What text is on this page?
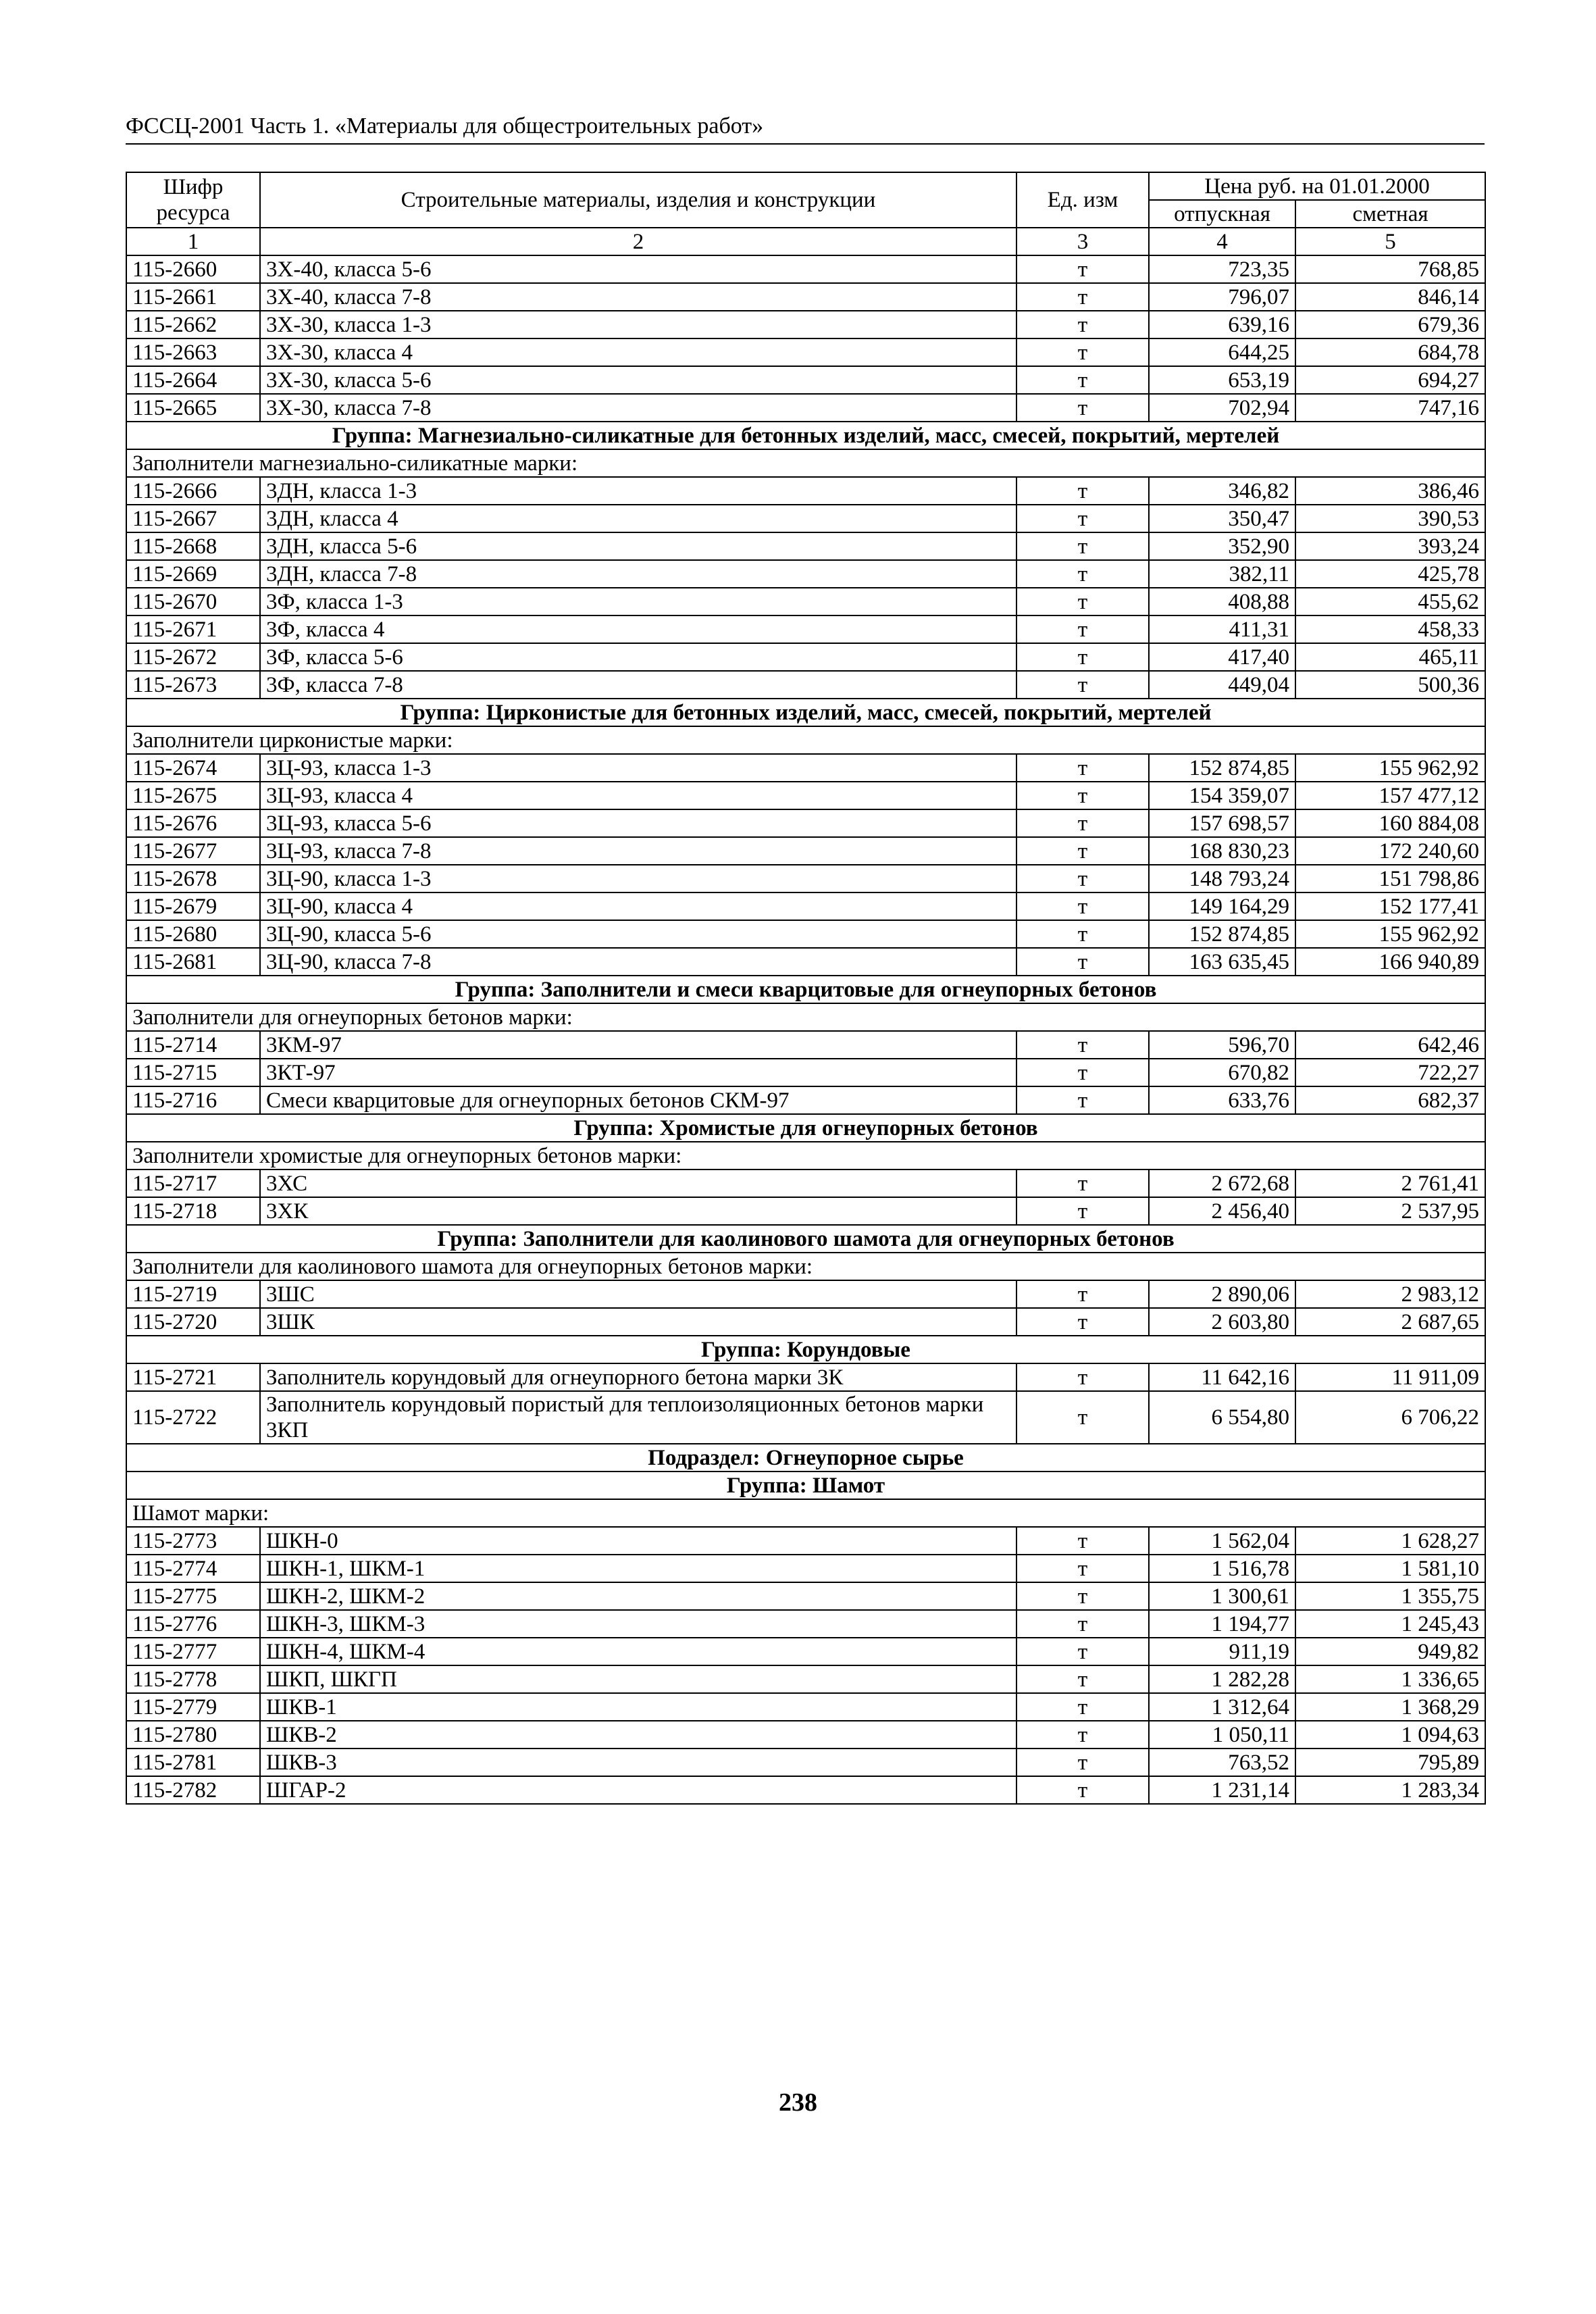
ФССЦ-2001 Часть 1. «Материалы для общестроительных работ»
Шифр ресурса	Строительные материалы, изделия и конструкции	Ед. изм	Цена руб. на 01.01.2000	
			отпускная	сметная
1	2	3	4	5
115-2660	3Х-40, класса 5-6	т	723,35	768,85
115-2661	3Х-40, класса 7-8	т	796,07	846,14
115-2662	3Х-30, класса 1-3	т	639,16	679,36
115-2663	3Х-30, класса 4	т	644,25	684,78
115-2664	3Х-30, класса 5-6	т	653,19	694,27
115-2665	3Х-30, класса 7-8	т	702,94	747,16
Группа: Магнезиально-силикатные для бетонных изделий, масс, смесей, покрытий, мертелей				
Заполнители магнезиально-силикатные марки:				
115-2666	3ДН, класса 1-3	т	346,82	386,46
115-2667	3ДН, класса 4	т	350,47	390,53
115-2668	3ДН, класса 5-6	т	352,90	393,24
115-2669	3ДН, класса 7-8	т	382,11	425,78
115-2670	3Ф, класса 1-3	т	408,88	455,62
115-2671	3Ф, класса 4	т	411,31	458,33
115-2672	3Ф, класса 5-6	т	417,40	465,11
115-2673	3Ф, класса 7-8	т	449,04	500,36
Группа: Цирконистые для бетонных изделий, масс, смесей, покрытий, мертелей				
Заполнители цирконистые марки:				
115-2674	3Ц-93, класса 1-3	т	152 874,85	155 962,92
115-2675	3Ц-93, класса 4	т	154 359,07	157 477,12
115-2676	3Ц-93, класса 5-6	т	157 698,57	160 884,08
115-2677	3Ц-93, класса 7-8	т	168 830,23	172 240,60
115-2678	3Ц-90, класса 1-3	т	148 793,24	151 798,86
115-2679	3Ц-90, класса 4	т	149 164,29	152 177,41
115-2680	3Ц-90, класса 5-6	т	152 874,85	155 962,92
115-2681	3Ц-90, класса 7-8	т	163 635,45	166 940,89
Группа: Заполнители и смеси кварцитовые для огнеупорных бетонов				
Заполнители для огнеупорных бетонов марки:				
115-2714	3КМ-97	т	596,70	642,46
115-2715	3КТ-97	т	670,82	722,27
115-2716	Смеси кварцитовые для огнеупорных бетонов СКМ-97	т	633,76	682,37
Группа: Хромистые для огнеупорных бетонов				
Заполнители хромистые для огнеупорных бетонов марки:				
115-2717	3ХС	т	2 672,68	2 761,41
115-2718	3ХК	т	2 456,40	2 537,95
Группа: Заполнители для каолинового шамота для огнеупорных бетонов				
Заполнители для каолинового шамота для огнеупорных бетонов марки:				
115-2719	3ШС	т	2 890,06	2 983,12
115-2720	3ШК	т	2 603,80	2 687,65
Группа: Корундовые				
115-2721	Заполнитель корундовый для огнеупорного бетона марки 3К	т	11 642,16	11 911,09
115-2722	Заполнитель корундовый пористый для теплоизоляционных бетонов марки 3КП	т	6 554,80	6 706,22
Подраздел: Огнеупорное сырье				
Группа: Шамот				
Шамот марки:				
115-2773	ШКН-0	т	1 562,04	1 628,27
115-2774	ШКН-1, ШКМ-1	т	1 516,78	1 581,10
115-2775	ШКН-2, ШКМ-2	т	1 300,61	1 355,75
115-2776	ШКН-3, ШКМ-3	т	1 194,77	1 245,43
115-2777	ШКН-4, ШКМ-4	т	911,19	949,82
115-2778	ШКП, ШКГП	т	1 282,28	1 336,65
115-2779	ШКВ-1	т	1 312,64	1 368,29
115-2780	ШКВ-2	т	1 050,11	1 094,63
115-2781	ШКВ-3	т	763,52	795,89
115-2782	ШГАР-2	т	1 231,14	1 283,34
238
